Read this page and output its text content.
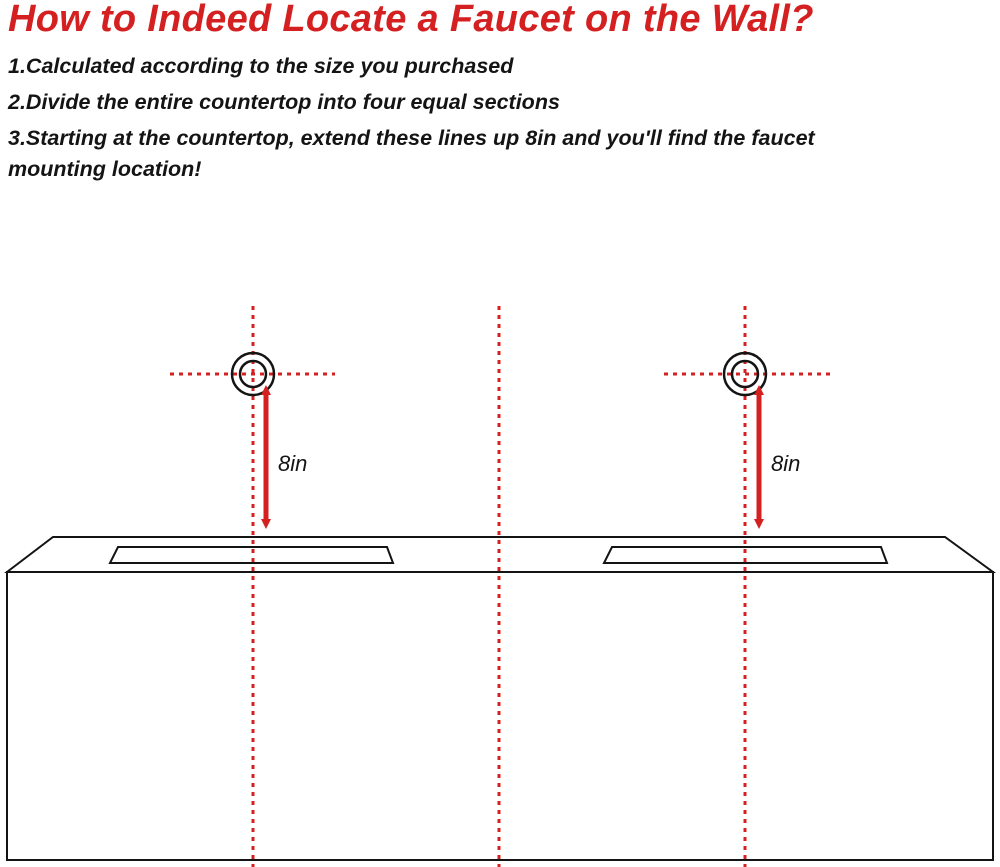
How to Indeed Locate a Faucet on the Wall?
1.Calculated according to the size you purchased
2.Divide the entire countertop into four equal sections
3.Starting at the countertop, extend these lines up 8in and you'll find the faucet
mounting location!
8in	8in
